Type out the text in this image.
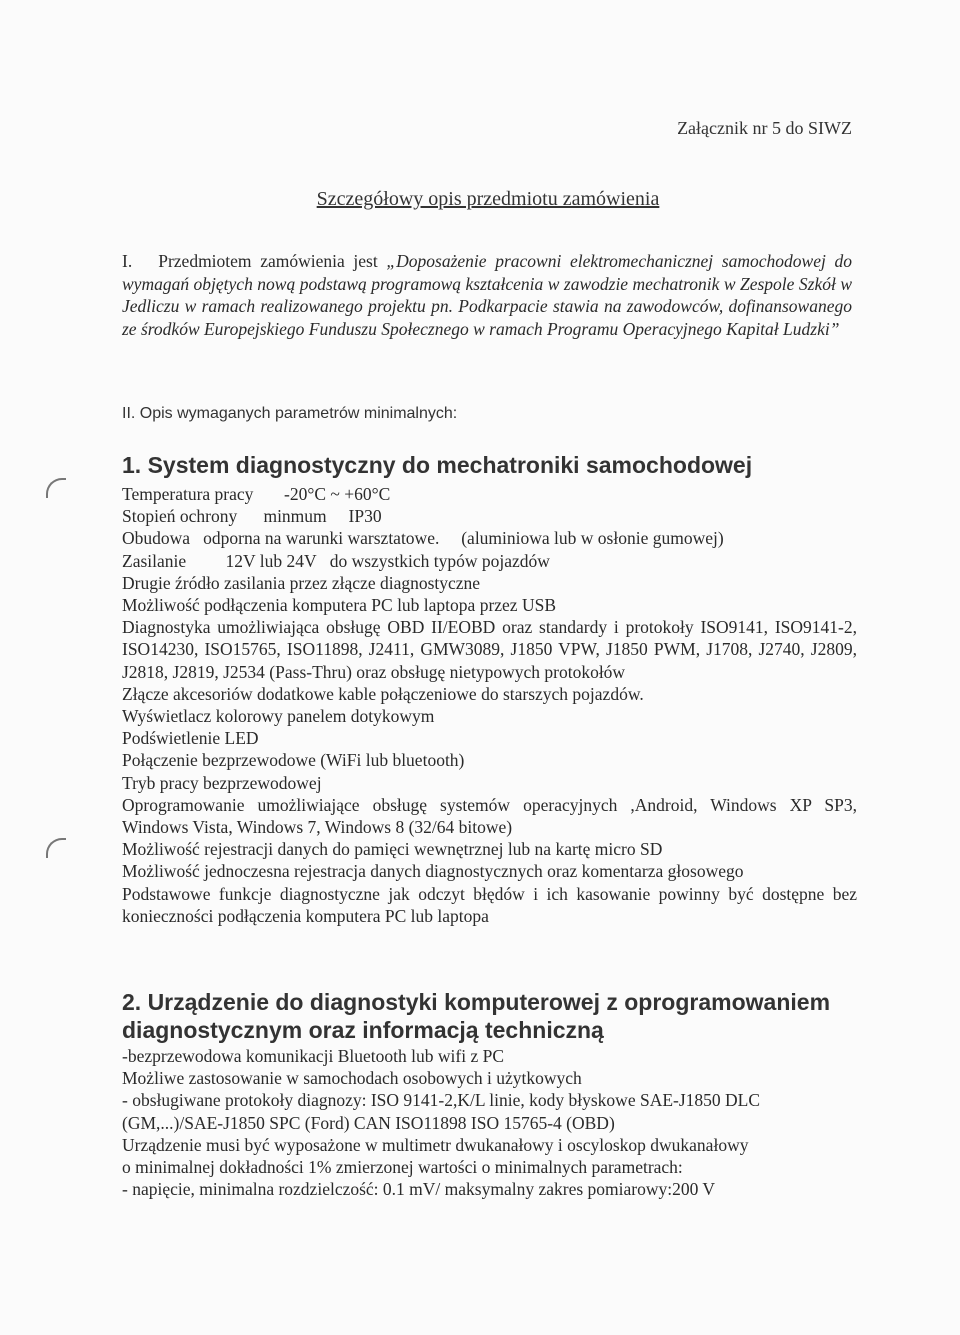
Załącznik nr 5 do SIWZ
Szczegółowy opis przedmiotu zamówienia
I. Przedmiotem zamówienia jest „Doposażenie pracowni elektromechanicznej samochodowej do wymagań objętych nową podstawą programową kształcenia w zawodzie mechatronik w Zespole Szkół w Jedliczu w ramach realizowanego projektu pn. Podkarpacie stawia na zawodowców, dofinansowanego ze środków Europejskiego Funduszu Społecznego w ramach Programu Operacyjnego Kapitał Ludzki”
II. Opis wymaganych parametrów minimalnych:
1. System diagnostyczny do mechatroniki samochodowej
Temperatura pracy -20°C ~ +60°C
Stopień ochrony minmum IP30
Obudowa odporna na warunki warsztatowe. (aluminiowa lub w osłonie gumowej)
Zasilanie 12V lub 24V do wszystkich typów pojazdów
Drugie źródło zasilania przez złącze diagnostyczne
Możliwość podłączenia komputera PC lub laptopa przez USB
Diagnostyka umożliwiająca obsługę OBD II/EOBD oraz standardy i protokoły ISO9141, ISO9141-2, ISO14230, ISO15765, ISO11898, J2411, GMW3089, J1850 VPW, J1850 PWM, J1708, J2740, J2809, J2818, J2819, J2534 (Pass-Thru) oraz obsługę nietypowych protokołów
Złącze akcesoriów dodatkowe kable połączeniowe do starszych pojazdów.
Wyświetlacz kolorowy panelem dotykowym
Podświetlenie LED
Połączenie bezprzewodowe (WiFi lub bluetooth)
Tryb pracy bezprzewodowej
Oprogramowanie umożliwiające obsługę systemów operacyjnych ,Android, Windows XP SP3, Windows Vista, Windows 7, Windows 8 (32/64 bitowe)
Możliwość rejestracji danych do pamięci wewnętrznej lub na kartę micro SD
Możliwość jednoczesna rejestracja danych diagnostycznych oraz komentarza głosowego
Podstawowe funkcje diagnostyczne jak odczyt błędów i ich kasowanie powinny być dostępne bez konieczności podłączenia komputera PC lub laptopa
2. Urządzenie do diagnostyki komputerowej z oprogramowaniem diagnostycznym oraz informacją techniczną
-bezprzewodowa komunikacji Bluetooth lub wifi z PC
Możliwe zastosowanie w samochodach osobowych i użytkowych
- obsługiwane protokoły diagnozy: ISO 9141-2,K/L linie, kody błyskowe SAE-J1850 DLC (GM,...)/SAE-J1850 SPC (Ford) CAN ISO11898 ISO 15765-4 (OBD)
Urządzenie musi być wyposażone w multimetr dwukanałowy i oscyloskop dwukanałowy
o minimalnej dokładności 1% zmierzonej wartości o minimalnych parametrach:
- napięcie, minimalna rozdzielczość: 0.1 mV/ maksymalny zakres pomiarowy:200 V
